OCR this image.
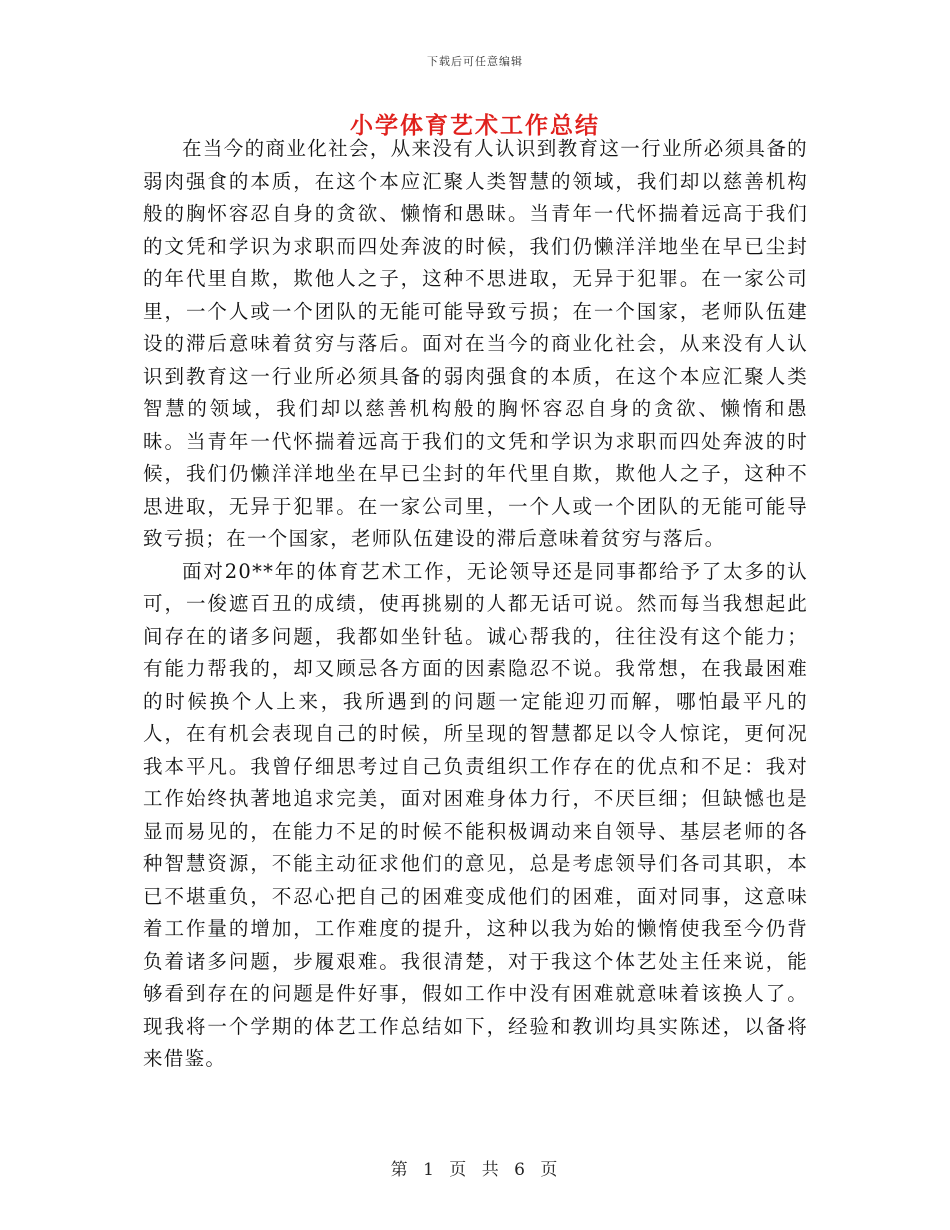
下载后可任意编辑
小学体育艺术工作总结

在当今的商业化社会，从来没有人认识到教育这一行业所必须具备的弱肉强食的本质，在这个本应汇聚人类智慧的领域，我们却以慈善机构般的胸怀容忍自身的贪欲、懒惰和愚昧。当青年一代怀揣着远高于我们的文凭和学识为求职而四处奔波的时候，我们仍懒洋洋地坐在早已尘封的年代里自欺，欺他人之子，这种不思进取，无异于犯罪。在一家公司里，一个人或一个团队的无能可能导致亏损；在一个国家，老师队伍建设的滞后意味着贫穷与落后。面对在当今的商业化社会，从来没有人认识到教育这一行业所必须具备的弱肉强食的本质，在这个本应汇聚人类智慧的领域，我们却以慈善机构般的胸怀容忍自身的贪欲、懒惰和愚昧。当青年一代怀揣着远高于我们的文凭和学识为求职而四处奔波的时候，我们仍懒洋洋地坐在早已尘封的年代里自欺，欺他人之子，这种不思进取，无异于犯罪。在一家公司里，一个人或一个团队的无能可能导致亏损；在一个国家，老师队伍建设的滞后意味着贫穷与落后。

面对20**年的体育艺术工作，无论领导还是同事都给予了太多的认可，一俊遮百丑的成绩，使再挑剔的人都无话可说。然而每当我想起此间存在的诸多问题，我都如坐针毡。诚心帮我的，往往没有这个能力；有能力帮我的，却又顾忌各方面的因素隐忍不说。我常想，在我最困难的时候换个人上来，我所遇到的问题一定能迎刃而解，哪怕最平凡的人，在有机会表现自己的时候，所呈现的智慧都足以令人惊诧，更何况我本平凡。我曾仔细思考过自己负责组织工作存在的优点和不足：我对工作始终执著地追求完美，面对困难身体力行，不厌巨细；但缺憾也是显而易见的，在能力不足的时候不能积极调动来自领导、基层老师的各种智慧资源，不能主动征求他们的意见，总是考虑领导们各司其职，本已不堪重负，不忍心把自己的困难变成他们的困难，面对同事，这意味着工作量的增加，工作难度的提升，这种以我为始的懒惰使我至今仍背负着诸多问题，步履艰难。我很清楚，对于我这个体艺处主任来说，能够看到存在的问题是件好事，假如工作中没有困难就意味着该换人了。现我将一个学期的体艺工作总结如下，经验和教训均具实陈述，以备将来借鉴。

第 1 页 共 6 页
